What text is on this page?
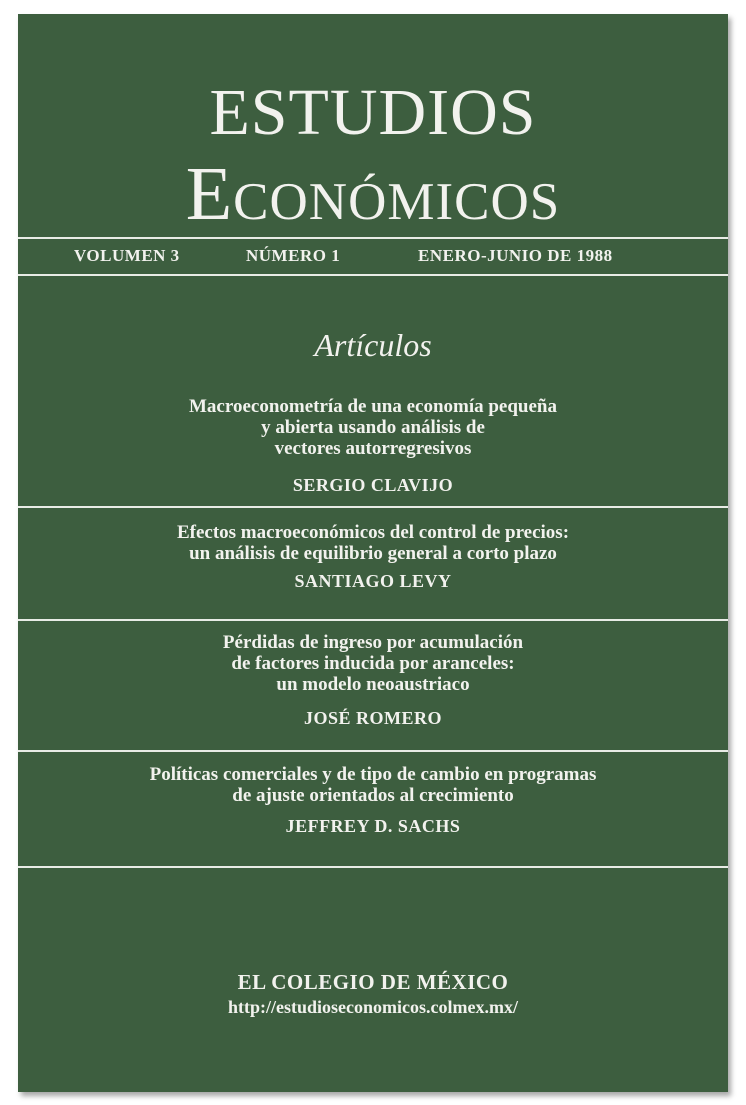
ESTUDIOS
Económicos
VOLUMEN 3	NÚMERO 1	ENERO-JUNIO DE 1988
Artículos
Macroeconometría de una economía pequeña
y abierta usando análisis de
vectores autorregresivos
SERGIO CLAVIJO
Efectos macroeconómicos del control de precios:
un análisis de equilibrio general a corto plazo
SANTIAGO LEVY
Pérdidas de ingreso por acumulación
de factores inducida por aranceles:
un modelo neoaustriaco
JOSÉ ROMERO
Políticas comerciales y de tipo de cambio en programas
de ajuste orientados al crecimiento
JEFFREY D. SACHS
EL COLEGIO DE MÉXICO
http://estudioseconomicos.colmex.mx/
